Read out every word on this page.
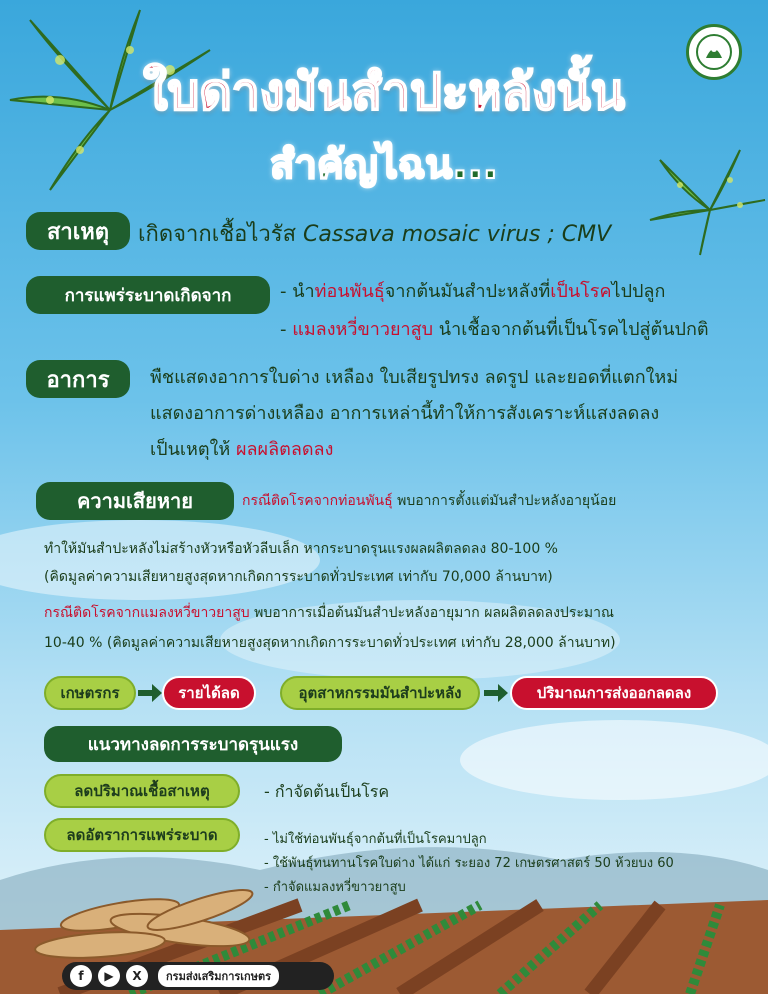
ใบด่างมันสำปะหลังนั้น
สำคัญไฉน...
สาเหตุ	เกิดจากเชื้อไวรัส Cassava mosaic virus ; CMV
การแพร่ระบาดเกิดจาก	- นำท่อนพันธุ์จากต้นมันสำปะหลังที่เป็นโรคไปปลูก
- แมลงหวี่ขาวยาสูบ นำเชื้อจากต้นที่เป็นโรคไปสู่ต้นปกติ
อาการ	พืชแสดงอาการใบด่าง เหลือง ใบเสียรูปทรง ลดรูป และยอดที่แตกใหม่
แสดงอาการด่างเหลือง อาการเหล่านี้ทำให้การสังเคราะห์แสงลดลง
เป็นเหตุให้ ผลผลิตลดลง
ความเสียหาย	กรณีติดโรคจากท่อนพันธุ์ พบอาการตั้งแต่มันสำปะหลังอายุน้อย
ทำให้มันสำปะหลังไม่สร้างหัวหรือหัวลีบเล็ก หากระบาดรุนแรงผลผลิตลดลง 80-100 %
(คิดมูลค่าความเสียหายสูงสุดหากเกิดการระบาดทั่วประเทศ เท่ากับ 70,000 ล้านบาท)
กรณีติดโรคจากแมลงหวี่ขาวยาสูบ พบอาการเมื่อต้นมันสำปะหลังอายุมาก ผลผลิตลดลงประมาณ
10-40 % (คิดมูลค่าความเสียหายสูงสุดหากเกิดการระบาดทั่วประเทศ เท่ากับ 28,000 ล้านบาท)
เกษตรกร	รายได้ลด	อุตสาหกรรมมันสำปะหลัง	ปริมาณการส่งออกลดลง
แนวทางลดการระบาดรุนแรง
ลดปริมาณเชื้อสาเหตุ	- กำจัดต้นเป็นโรค
ลดอัตราการแพร่ระบาด	- ไม่ใช้ท่อนพันธุ์จากต้นที่เป็นโรคมาปลูก
- ใช้พันธุ์ทนทานโรคใบด่าง ได้แก่ ระยอง 72 เกษตรศาสตร์ 50 ห้วยบง 60
- กำจัดแมลงหวี่ขาวยาสูบ
f	▶	X	กรมส่งเสริมการเกษตร
